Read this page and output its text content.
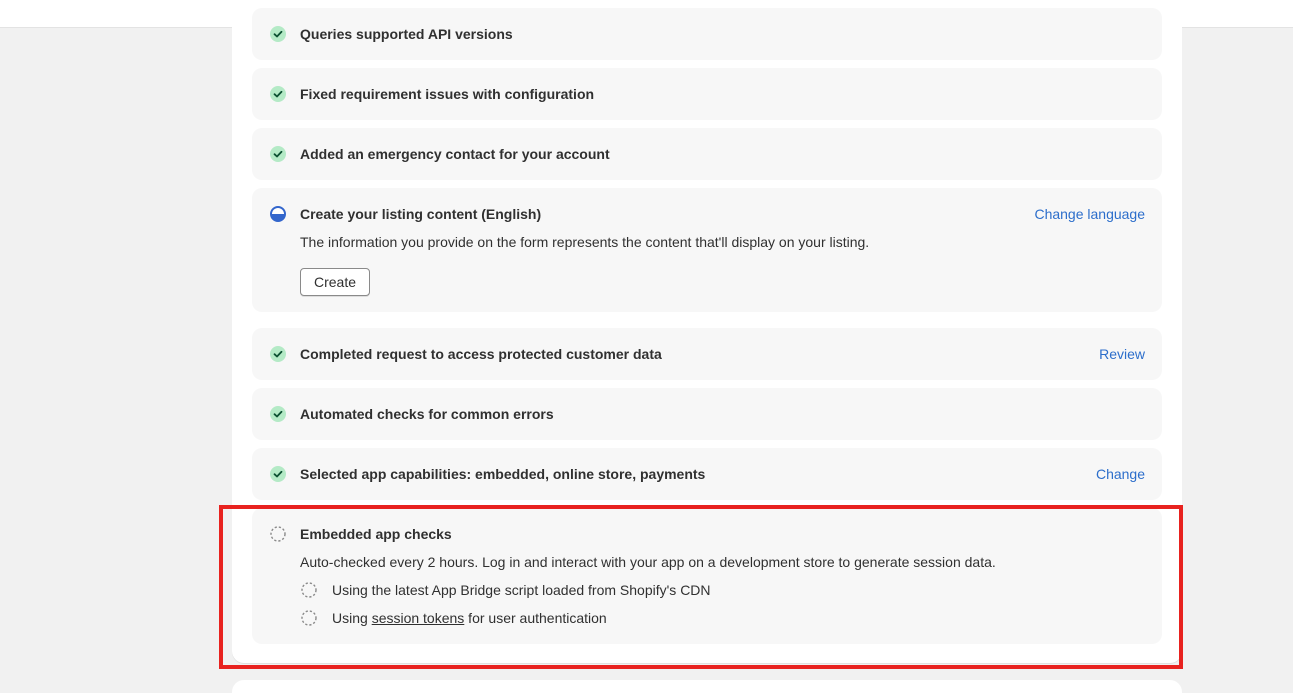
Queries supported API versions
Fixed requirement issues with configuration
Added an emergency contact for your account
Create your listing content (English)	Change language
The information you provide on the form represents the content that'll display on your listing.
Create
Completed request to access protected customer data	Review
Automated checks for common errors
Selected app capabilities: embedded, online store, payments	Change
Embedded app checks
Auto-checked every 2 hours. Log in and interact with your app on a development store to generate session data.
Using the latest App Bridge script loaded from Shopify's CDN
Using session tokens for user authentication
